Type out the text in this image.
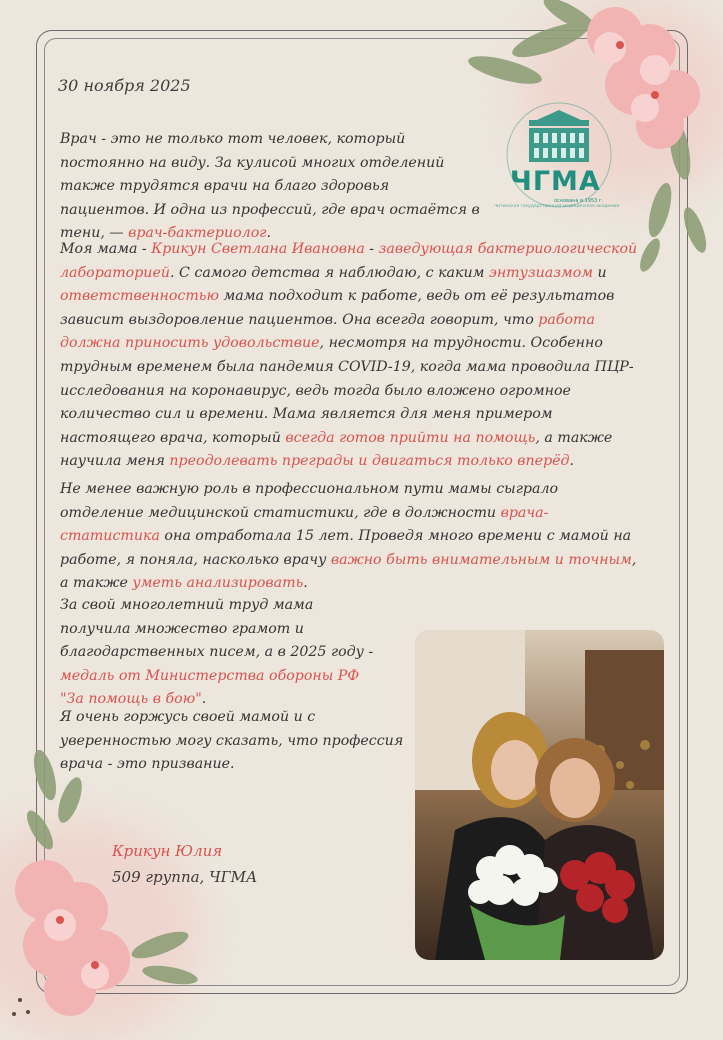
30 ноября 2025
ЧГМА
основана в 1953 г.
Читинская государственная медицинская академия
Врач - это не только тот человек, который постоянно на виду. За кулисой многих отделений также трудятся врачи на благо здоровья пациентов. И одна из профессий, где врач остаётся в тени, — врач-бактериолог.
Моя мама - Крикун Светлана Ивановна - заведующая бактериологической лабораторией. С самого детства я наблюдаю, с каким энтузиазмом и ответственностью мама подходит к работе, ведь от её результатов зависит выздоровление пациентов. Она всегда говорит, что работа должна приносить удовольствие, несмотря на трудности. Особенно трудным временем была пандемия COVID-19, когда мама проводила ПЦР-исследования на коронавирус, ведь тогда было вложено огромное количество сил и времени. Мама является для меня примером настоящего врача, который всегда готов прийти на помощь, а также научила меня преодолевать преграды и двигаться только вперёд.
Не менее важную роль в профессиональном пути мамы сыграло отделение медицинской статистики, где в должности врача-статистика она отработала 15 лет. Проведя много времени с мамой на работе, я поняла, насколько врачу важно быть внимательным и точным, а также уметь анализировать.
За свой многолетний труд мама получила множество грамот и благодарственных писем, а в 2025 году - медаль от Министерства обороны РФ "За помощь в бою".
Я очень горжусь своей мамой и с уверенностью могу сказать, что профессия врача - это призвание.
Крикун Юлия
509 группа, ЧГМА
